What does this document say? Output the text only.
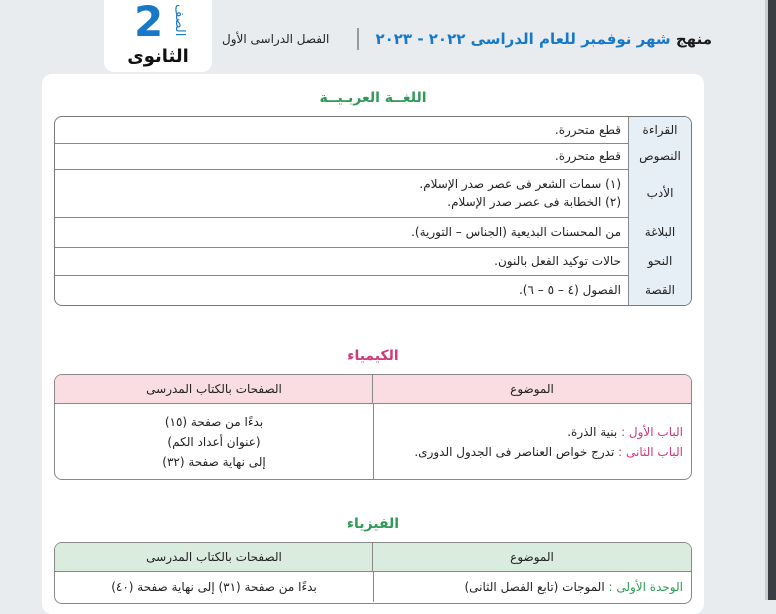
2 الصف
الثانوى
منهج شهر نوفمبر للعام الدراسى ٢٠٢٢ - ٢٠٢٣
الفصل الدراسى الأول
اللغــة العربـيــة
القراءة
قطع متحررة.
النصوص
قطع متحررة.
الأدب
(١) سمات الشعر فى عصر صدر الإسلام.
(٢) الخطابة فى عصر صدر الإسلام.
البلاغة
من المحسنات البديعية (الجناس – التورية).
النحو
حالات توكيد الفعل بالنون.
القصة
الفصول (٤ – ٥ – ٦).
الكيمياء
الموضوع
الصفحات بالكتاب المدرسى
الباب الأول : بنية الذرة.
الباب الثانى : تدرج خواص العناصر فى الجدول الدورى.
بدءًا من صفحة (١٥)
(عنوان أعداد الكم)
إلى نهاية صفحة (٣٢)
الفيزياء
الموضوع
الصفحات بالكتاب المدرسى
الوحدة الأولى : الموجات (تابع الفصل الثانى)
بدءًا من صفحة (٣١) إلى نهاية صفحة (٤٠)
